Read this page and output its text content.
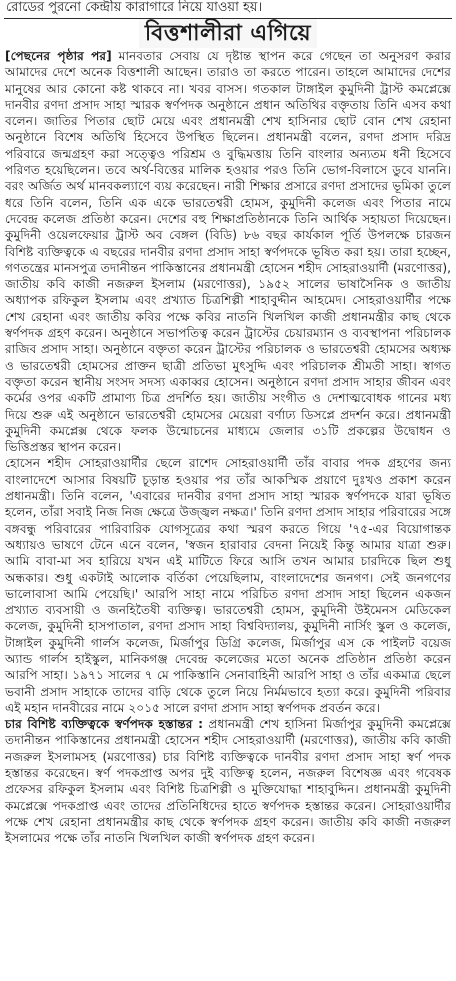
রোডের পুরনো কেন্দ্রীয় কারাগারে নিয়ে যাওয়া হয়।
বিত্তশালীরা এগিয়ে

[পেছনের পৃষ্ঠার পর] মানবতার সেবায় যে দৃষ্টান্ত স্থাপন করে গেছেন তা অনুসরণ করার আমাদের দেশে অনেক বিত্তশালী আছেন। তারাও তা করতে পারেন। তাহলে আমাদের দেশের মানুষের আর কোনো কষ্ট থাকবে না। খবর বাসস। গতকাল টাঙ্গাইল কুমুদিনী ট্রাস্ট কমপ্লেক্সে দানবীর রণদা প্রসাদ সাহা স্মারক স্বর্ণপদক অনুষ্ঠানে প্রধান অতিথির বক্তৃতায় তিনি এসব কথা বলেন। জাতির পিতার ছোট মেয়ে এবং প্রধানমন্ত্রী শেখ হাসিনার ছোট বোন শেখ রেহানা অনুষ্ঠানে বিশেষ অতিথি হিসেবে উপস্থিত ছিলেন। প্রধানমন্ত্রী বলেন, রণদা প্রসাদ দরিদ্র পরিবারে জন্মগ্রহণ করা সত্ত্বেও পরিশ্রম ও বুদ্ধিমত্তায় তিনি বাংলার অন্যতম ধনী হিসেবে পরিণত হয়েছিলেন। তবে অর্থ-বিত্তের মালিক হওয়ার পরও তিনি ভোগ-বিলাসে ডুবে যাননি। বরং অর্জিত অর্থ মানবকল্যাণে ব্যয় করেছেন। নারী শিক্ষার প্রসারে রণদা প্রসাদের ভূমিকা তুলে ধরে তিনি বলেন, তিনি এক একে ভারতেশ্বরী হোমস, কুমুদিনী কলেজ এবং পিতার নামে দেবেন্দ্র কলেজ প্রতিষ্ঠা করেন। দেশের বহু শিক্ষাপ্রতিষ্ঠানকে তিনি আর্থিক সহায়তা দিয়েছেন। কুমুদিনী ওয়েলফেয়ার ট্রাস্ট অব বেঙ্গল (বিডি) ৮৬ বছর কার্যকাল পূর্তি উপলক্ষে চারজন বিশিষ্ট ব্যক্তিত্বকে এ বছরের দানবীর রণদা প্রসাদ সাহা স্বর্ণপদকে ভূষিত করা হয়। তারা হচ্ছেন, গণতন্ত্রের মানসপুত্র তদানীন্তন পাকিস্তানের প্রধানমন্ত্রী হোসেন শহীদ সোহরাওয়ার্দী (মরণোত্তর), জাতীয় কবি কাজী নজরুল ইসলাম (মরণোত্তর), ১৯৫২ সালের ভাষাসৈনিক ও জাতীয় অধ্যাপক রফিকুল ইসলাম এবং প্রখ্যাত চিত্রশিল্পী শাহাবুদ্দীন আহমেদ। সোহরাওয়ার্দীর পক্ষে শেখ রেহানা এবং জাতীয় কবির পক্ষে কবির নাতনি খিলখিল কাজী প্রধানমন্ত্রীর কাছ থেকে স্বর্ণপদক গ্রহণ করেন। অনুষ্ঠানে সভাপতিত্ব করেন ট্রাস্টের চেয়ারম্যান ও ব্যবস্থাপনা পরিচালক রাজিব প্রসাদ সাহা। অনুষ্ঠানে বক্তৃতা করেন ট্রাস্টের পরিচালক ও ভারতেশ্বরী হোমসের অধ্যক্ষ ও ভারতেশ্বরী হোমসের প্রাক্তন ছাত্রী প্রতিভা মুৎসুদ্দি এবং পরিচালক শ্রীমতী সাহা। স্বাগত বক্তৃতা করেন স্থানীয় সংসদ সদস্য একাব্বর হোসেন। অনুষ্ঠানে রণদা প্রসাদ সাহার জীবন এবং কর্মের ওপর একটি প্রামাণ্য চিত্র প্রদর্শিত হয়। জাতীয় সংগীত ও দেশাত্মবোধক গানের মধ্য দিয়ে শুরু এই অনুষ্ঠানে ভারতেশ্বরী হোমসের মেয়েরা বর্ণাঢ্য ডিসপ্লে প্রদর্শন করে। প্রধানমন্ত্রী কুমুদিনী কমপ্লেক্স থেকে ফলক উন্মোচনের মাধ্যমে জেলার ৩১টি প্রকল্পের উদ্বোধন ও ভিত্তিপ্রস্তর স্থাপন করেন।

হোসেন শহীদ সোহরাওয়ার্দীর ছেলে রাশেদ সোহরাওয়ার্দী তাঁর বাবার পদক গ্রহণের জন্য বাংলাদেশে আসার বিষয়টি চূড়ান্ত হওয়ার পর তাঁর আকস্মিক প্রয়াণে দুঃখও প্রকাশ করেন প্রধানমন্ত্রী। তিনি বলেন, 'এবারের দানবীর রণদা প্রসাদ সাহা স্মারক স্বর্ণপদকে যারা ভূষিত হলেন, তাঁরা সবাই নিজ নিজ ক্ষেত্রে উজ্জ্বল নক্ষত্র।' তিনি রণদা প্রসাদ সাহার পরিবারের সঙ্গে বঙ্গবন্ধু পরিবারের পারিবারিক যোগসূত্রের কথা স্মরণ করতে গিয়ে '৭৫-এর বিয়োগান্তক অধ্যায়ও ভাষণে টেনে এনে বলেন, 'স্বজন হারাবার বেদনা নিয়েই কিন্তু আমার যাত্রা শুরু। আমি বাবা-মা সব হারিয়ে যখন এই মাটিতে ফিরে আসি তখন আমার চারদিকে ছিল শুধু অন্ধকার। শুধু একটাই আলোক বর্তিকা পেয়েছিলাম, বাংলাদেশের জনগণ। সেই জনগণের ভালোবাসা আমি পেয়েছি।' আরপি সাহা নামে পরিচিত রণদা প্রসাদ সাহা ছিলেন একজন প্রখ্যাত ব্যবসায়ী ও জনহিতৈষী ব্যক্তিত্ব। ভারতেশ্বরী হোমস, কুমুদিনী উইমেনস মেডিকেল কলেজ, কুমুদিনী হাসপাতাল, রণদা প্রসাদ সাহা বিশ্ববিদ্যালয়, কুমুদিনী নার্সিং স্কুল ও কলেজ, টাঙ্গাইল কুমুদিনী গার্লস কলেজ, মির্জাপুর ডিগ্রি কলেজ, মির্জাপুর এস কে পাইলট বয়েজ অ্যান্ড গার্লস হাইস্কুল, মানিকগঞ্জ দেবেন্দ্র কলেজের মতো অনেক প্রতিষ্ঠান প্রতিষ্ঠা করেন আরপি সাহা। ১৯৭১ সালের ৭ মে পাকিস্তানি সেনাবাহিনী আরপি সাহা ও তাঁর একমাত্র ছেলে ভবানী প্রসাদ সাহাকে তাদের বাড়ি থেকে তুলে নিয়ে নির্মমভাবে হত্যা করে। কুমুদিনী পরিবার এই মহান দানবীরের নামে ২০১৫ সালে রণদা প্রসাদ সাহা স্বর্ণপদক প্রবর্তন করে।

চার বিশিষ্ট ব্যক্তিত্বকে স্বর্ণপদক হস্তান্তর : প্রধানমন্ত্রী শেখ হাসিনা মির্জাপুর কুমুদিনী কমপ্লেক্সে তদানীন্তন পাকিস্তানের প্রধানমন্ত্রী হোসেন শহীদ সোহরাওয়ার্দী (মরণোত্তর), জাতীয় কবি কাজী নজরুল ইসলামসহ (মরণোত্তর) চার বিশিষ্ট ব্যক্তিত্বকে দানবীর রণদা প্রসাদ সাহা স্বর্ণ পদক হস্তান্তর করেছেন। স্বর্ণ পদকপ্রাপ্ত অপর দুই ব্যক্তিত্ব হলেন, নজরুল বিশেষজ্ঞ এবং গবেষক প্রফেসর রফিকুল ইসলাম এবং বিশিষ্ট চিত্রশিল্পী ও মুক্তিযোদ্ধা শাহাবুদ্দিন। প্রধানমন্ত্রী কুমুদিনী কমপ্লেক্সে পদকপ্রাপ্ত এবং তাদের প্রতিনিধিদের হাতে স্বর্ণপদক হস্তান্তর করেন। সোহরাওয়ার্দীর পক্ষে শেখ রেহানা প্রধানমন্ত্রীর কাছ থেকে স্বর্ণপদক গ্রহণ করেন। জাতীয় কবি কাজী নজরুল ইসলামের পক্ষে তাঁর নাতনি খিলখিল কাজী স্বর্ণপদক গ্রহণ করেন।
